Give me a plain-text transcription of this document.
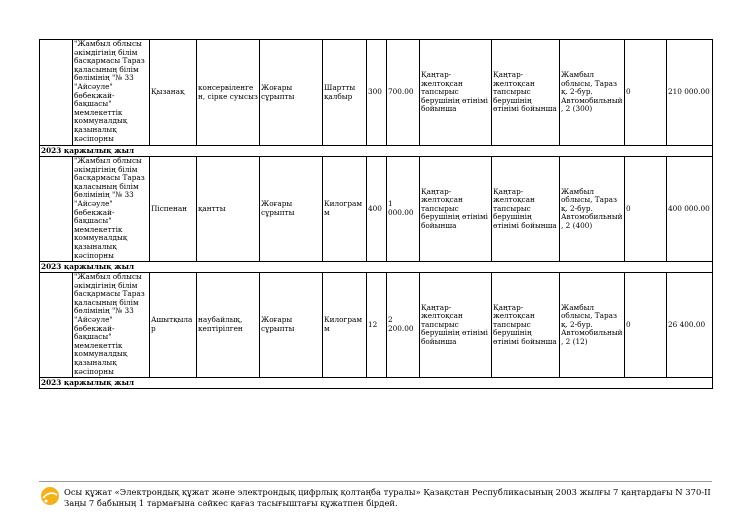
	"Жамбыл облысы әкімдігінің білім басқармасы Тараз қаласының білім бөлімінің "№ 33 "Айсәуле" бөбекжай-бақшасы" мемлекеттік коммуналдық қазыналық кәсіпорны	Қызанақ	консервіленген, сірке суысыз	Жоғары сұрыпты	Шартты қалбыр	300	700.00	Қаңтар-желтоқсан тапсырыс берушінің өтінімі бойынша	Қаңтар-желтоқсан тапсырыс берушінің өтінімі бойынша	Жамбыл облысы, Тараз қ. 2-бур. Автомобильный, 2 (300)	0	210 000.00
2023 қаржылық жыл												
	"Жамбыл облысы әкімдігінің білім басқармасы Тараз қаласының білім бөлімінің "№ 33 "Айсәуле" бөбекжай-бақшасы" мемлекеттік коммуналдық қазыналық кәсіпорны	Піспенан	қантты	Жоғары сұрыпты	Килограмм	400	1 000.00	Қаңтар-желтоқсан тапсырыс берушінің өтінімі бойынша	Қаңтар-желтоқсан тапсырыс берушінің өтінімі бойынша	Жамбыл облысы, Тараз қ. 2-бур. Автомобильный, 2 (400)	0	400 000.00
2023 қаржылық жыл												
	"Жамбыл облысы әкімдігінің білім басқармасы Тараз қаласының білім бөлімінің "№ 33 "Айсәуле" бөбекжай-бақшасы" мемлекеттік коммуналдық қазыналық кәсіпорны	Ашытқылар	наубайлық, кептірілген	Жоғары сұрыпты	Килограмм	12	2 200.00	Қаңтар-желтоқсан тапсырыс берушінің өтінімі бойынша	Қаңтар-желтоқсан тапсырыс берушінің өтінімі бойынша	Жамбыл облысы, Тараз қ. 2-бур. Автомобильный, 2 (12)	0	26 400.00
2023 қаржылық жыл												
Осы құжат «Электрондық құжат және электрондық цифрлық қолтаңба туралы» Қазақстан Республикасының 2003 жылғы 7 қаңтардағы N 370-II Заңы 7 бабының 1 тармағына сәйкес қағаз тасығыштағы құжатпен бірдей.
